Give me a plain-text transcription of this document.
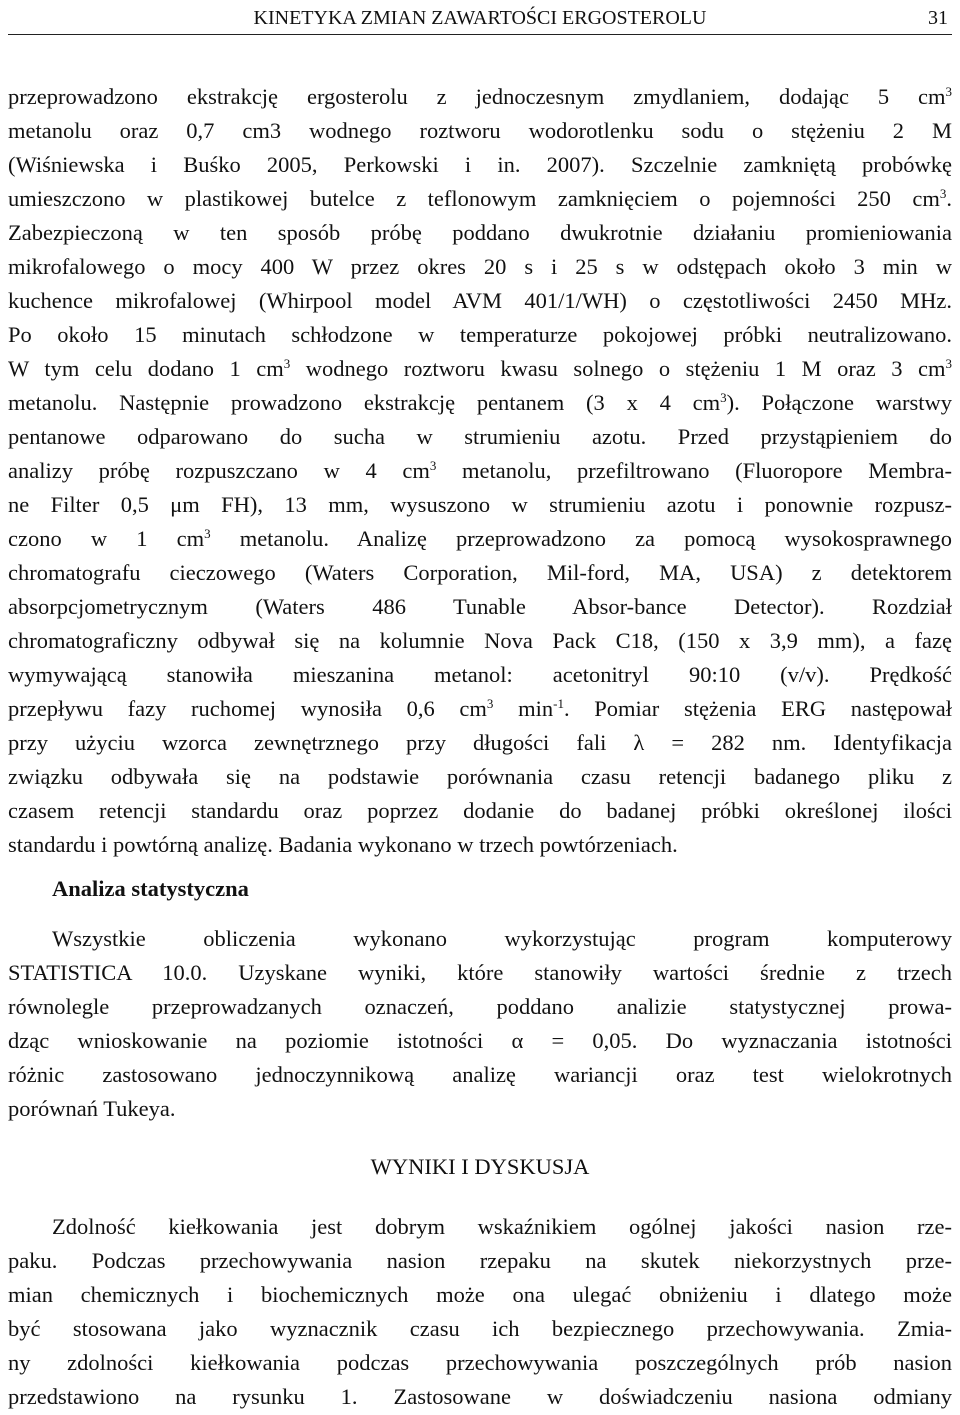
KINETYKA ZMIAN ZAWARTOŚCI ERGOSTEROLU	31
przeprowadzono ekstrakcję ergosterolu z jednoczesnym zmydlaniem, dodając 5 $cm^3$
metanolu oraz 0,7 cm3 wodnego roztworu wodorotlenku sodu o stężeniu 2 M
(Wiśniewska i Buśko 2005, Perkowski i in. 2007). Szczelnie zamkniętą probówkę
umieszczono w plastikowej butelce z teflonowym zamknięciem o pojemności 250 $cm^3$.
Zabezpieczoną w ten sposób próbę poddano dwukrotnie działaniu promieniowania
mikrofalowego o mocy 400 W przez okres 20 s i 25 s w odstępach około 3 min w
kuchence mikrofalowej (Whirpool model AVM 401/1/WH) o częstotliwości 2450 MHz.
Po około 15 minutach schłodzone w temperaturze pokojowej próbki neutralizowano.
W tym celu dodano 1 $cm^3$ wodnego roztworu kwasu solnego o stężeniu 1 M oraz 3 $cm^3$
metanolu. Następnie prowadzono ekstrakcję pentanem (3 x 4 $cm^3$). Połączone warstwy
pentanowe odparowano do sucha w strumieniu azotu. Przed przystąpieniem do
analizy próbę rozpuszczano w 4 $cm^3$ metanolu, przefiltrowano (Fluoropore Membra-
ne Filter 0,5 μm FH), 13 mm, wysuszono w strumieniu azotu i ponownie rozpusz-
czono w 1 $cm^3$ metanolu. Analizę przeprowadzono za pomocą wysokosprawnego
chromatografu cieczowego (Waters Corporation, Mil-ford, MA, USA) z detektorem
absorpcjometrycznym (Waters 486 Tunable Absor-bance Detector). Rozdział
chromatograficzny odbywał się na kolumnie Nova Pack C18, (150 x 3,9 mm), a fazę
wymywającą stanowiła mieszanina metanol: acetonitryl 90:10 (v/v). Prędkość
przepływu fazy ruchomej wynosiła 0,6 $cm^3$ $\min^{-1}$. Pomiar stężenia ERG następował
przy użyciu wzorca zewnętrznego przy długości fali λ = 282 nm. Identyfikacja
związku odbywała się na podstawie porównania czasu retencji badanego pliku z
czasem retencji standardu oraz poprzez dodanie do badanej próbki określonej ilości
standardu i powtórną analizę. Badania wykonano w trzech powtórzeniach.
Analiza statystyczna
Wszystkie obliczenia wykonano wykorzystując program komputerowy
STATISTICA 10.0. Uzyskane wyniki, które stanowiły wartości średnie z trzech
równolegle przeprowadzanych oznaczeń, poddano analizie statystycznej prowa-
dząc wnioskowanie na poziomie istotności α = 0,05. Do wyznaczania istotności
różnic zastosowano jednoczynnikową analizę wariancji oraz test wielokrotnych
porównań Tukeya.
WYNIKI I DYSKUSJA
Zdolność kiełkowania jest dobrym wskaźnikiem ogólnej jakości nasion rze-
paku. Podczas przechowywania nasion rzepaku na skutek niekorzystnych prze-
mian chemicznych i biochemicznych może ona ulegać obniżeniu i dlatego może
być stosowana jako wyznacznik czasu ich bezpiecznego przechowywania. Zmia-
ny zdolności kiełkowania podczas przechowywania poszczególnych prób nasion
przedstawiono na rysunku 1. Zastosowane w doświadczeniu nasiona odmiany
